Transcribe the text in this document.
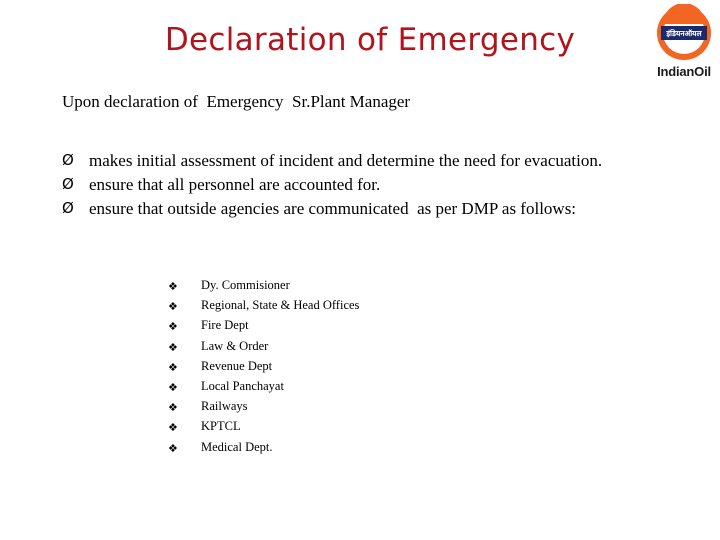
Declaration of Emergency	इंडियनऑयल
IndianOil

Upon declaration of  Emergency  Sr.Plant Manager

Ø makes initial assessment of incident and determine the need for evacuation.
Ø ensure that all personnel are accounted for.
Ø ensure that outside agencies are communicated  as per DMP as follows:
❖ Dy. Commisioner
❖ Regional, State & Head Offices
❖ Fire Dept
❖ Law & Order
❖ Revenue Dept
❖ Local Panchayat
❖ Railways
❖ KPTCL
❖ Medical Dept.
